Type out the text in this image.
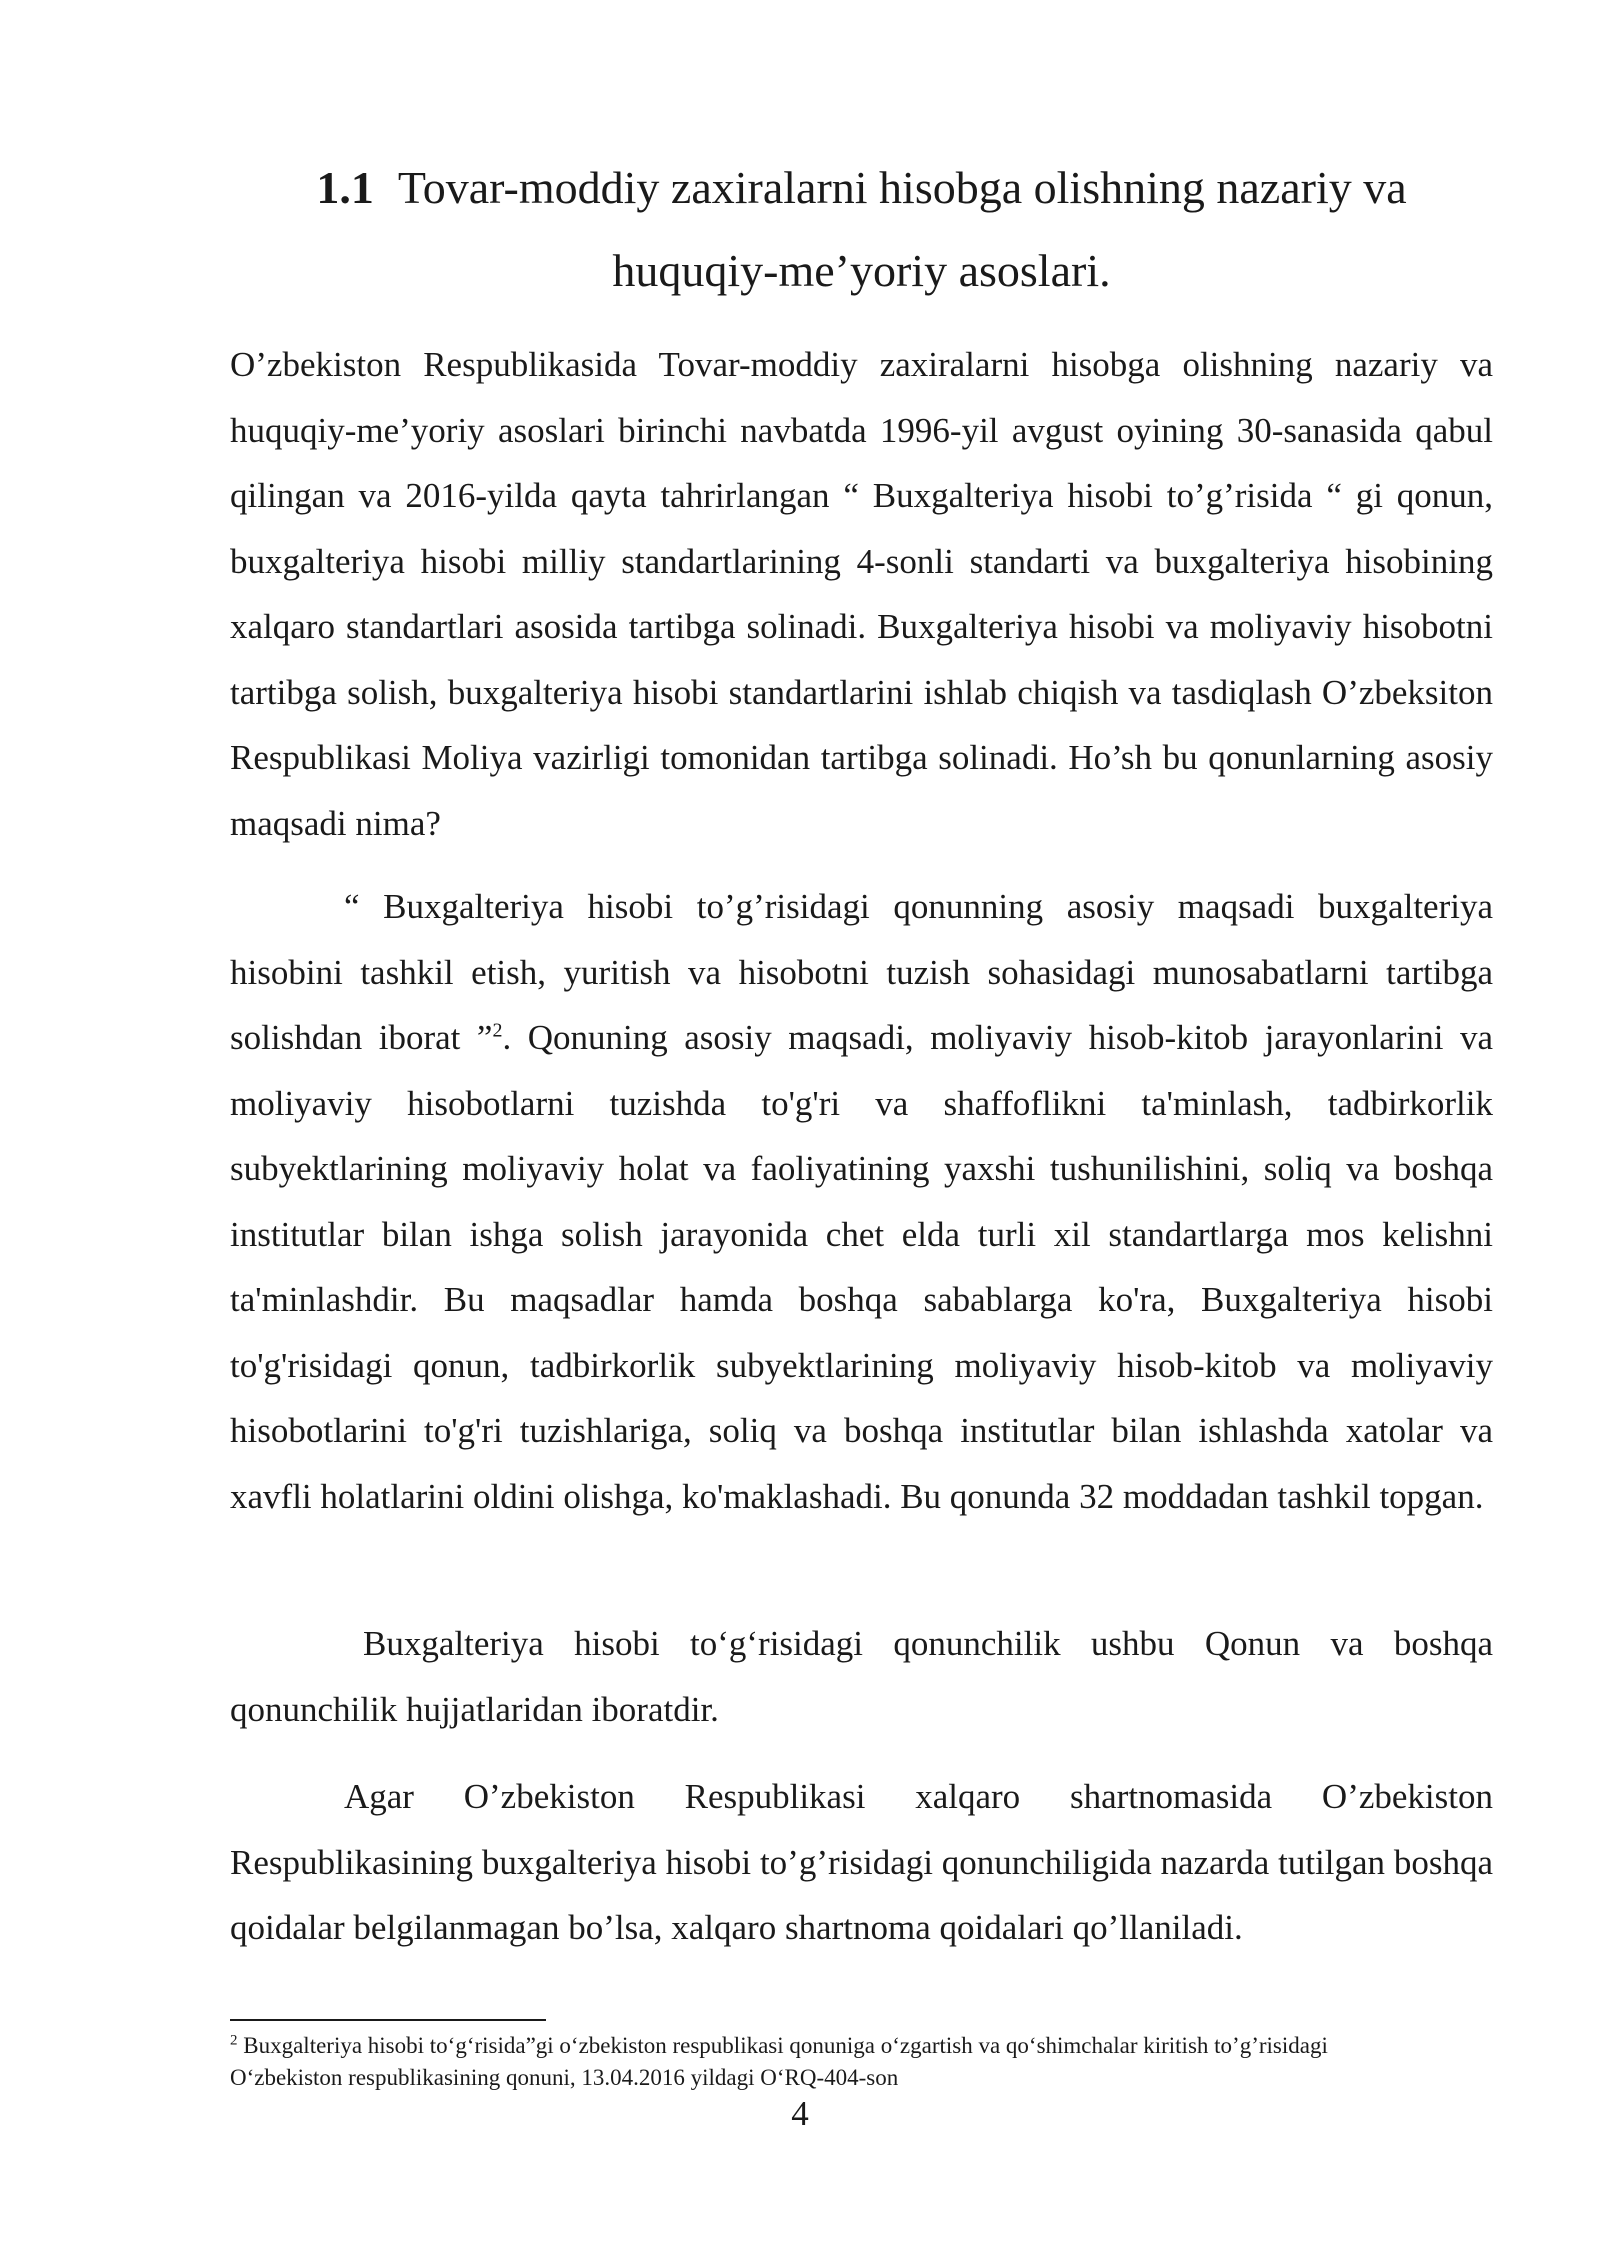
1.1 Tovar-moddiy zaxiralarni hisobga olishning nazariy va huquqiy-me’yoriy asoslari.

O’zbekiston Respublikasida Tovar-moddiy zaxiralarni hisobga olishning nazariy va huquqiy-me’yoriy asoslari birinchi navbatda 1996-yil avgust oyining 30-sanasida qabul qilingan va 2016-yilda qayta tahrirlangan “ Buxgalteriya hisobi to’g’risida “ gi qonun, buxgalteriya hisobi milliy standartlarining 4-sonli standarti va buxgalteriya hisobining xalqaro standartlari asosida tartibga solinadi. Buxgalteriya hisobi va moliyaviy hisobotni tartibga solish, buxgalteriya hisobi standartlarini ishlab chiqish va tasdiqlash O’zbeksiton Respublikasi Moliya vazirligi tomonidan tartibga solinadi. Ho’sh bu qonunlarning asosiy maqsadi nima?

“ Buxgalteriya hisobi to’g’risidagi qonunning asosiy maqsadi buxgalteriya hisobini tashkil etish, yuritish va hisobotni tuzish sohasidagi munosabatlarni tartibga solishdan iborat ”$^2$. Qonuning asosiy maqsadi, moliyaviy hisob-kitob jarayonlarini va moliyaviy hisobotlarni tuzishda to'g'ri va shaffoflikni ta'minlash, tadbirkorlik subyektlarining moliyaviy holat va faoliyatining yaxshi tushunilishini, soliq va boshqa institutlar bilan ishga solish jarayonida chet elda turli xil standartlarga mos kelishni ta'minlashdir. Bu maqsadlar hamda boshqa sabablarga ko'ra, Buxgalteriya hisobi to'g'risidagi qonun, tadbirkorlik subyektlarining moliyaviy hisob-kitob va moliyaviy hisobotlarini to'g'ri tuzishlariga, soliq va boshqa institutlar bilan ishlashda xatolar va xavfli holatlarini oldini olishga, ko'maklashadi. Bu qonunda 32 moddadan tashkil topgan.

Buxgalteriya hisobi to‘g‘risidagi qonunchilik ushbu Qonun va boshqa qonunchilik hujjatlaridan iboratdir.

Agar O’zbekiston Respublikasi xalqaro shartnomasida O’zbekiston Respublikasining buxgalteriya hisobi to’g’risidagi qonunchiligida nazarda tutilgan boshqa qoidalar belgilanmagan bo’lsa, xalqaro shartnoma qoidalari qo’llaniladi.

$^2$ Buxgalteriya hisobi to‘g‘risida”gi o‘zbekiston respublikasi qonuniga o‘zgartish va qo‘shimchalar kiritish to’g’risidagi O‘zbekiston respublikasining qonuni, 13.04.2016 yildagi O‘RQ-404-son

4
